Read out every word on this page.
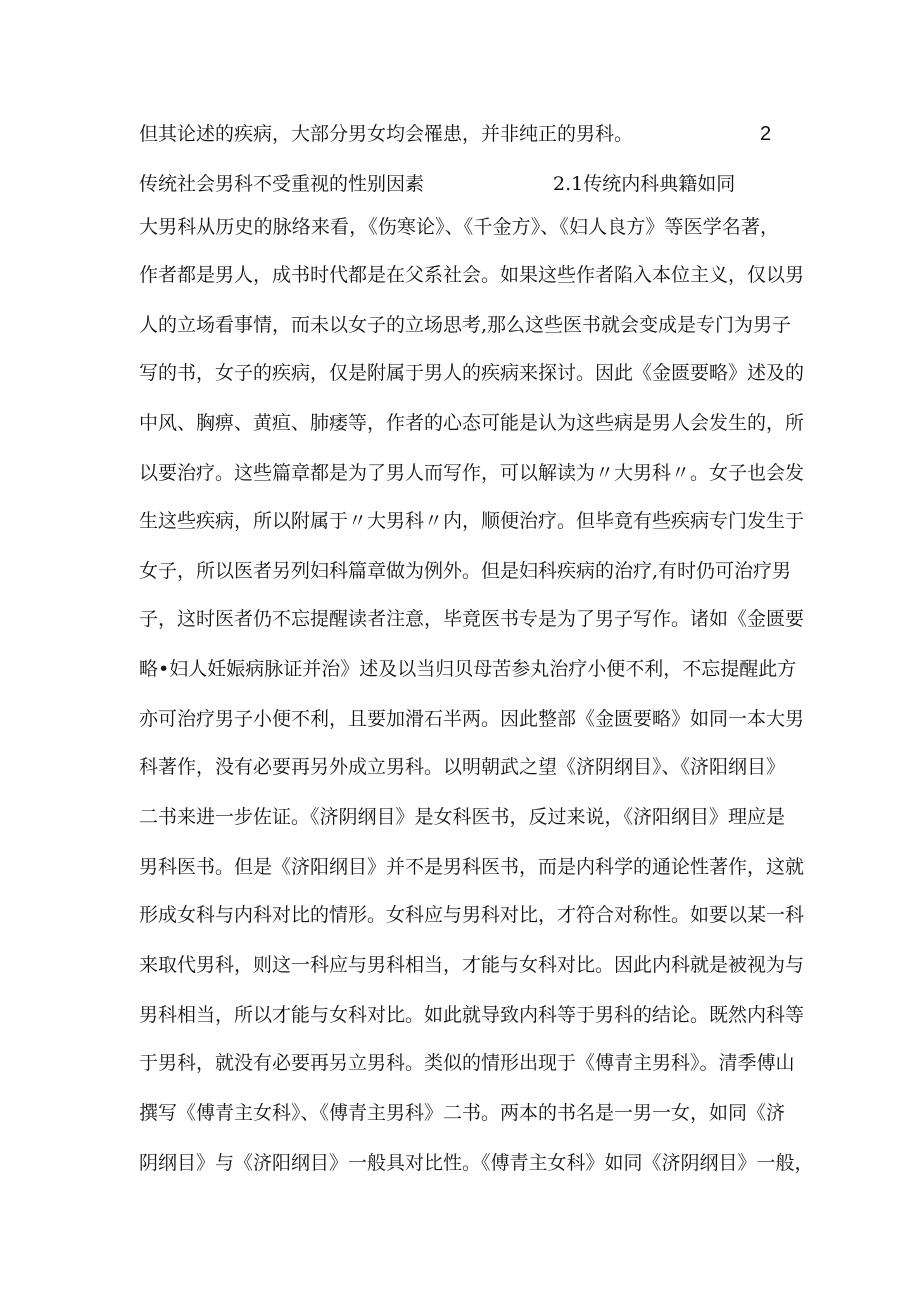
但其论述的疾病，大部分男女均会罹患，并非纯正的男科。	2
传统社会男科不受重视的性别因素	2.1传统内科典籍如同
大男科从历史的脉络来看，《伤寒论》、《千金方》、《妇人良方》等医学名著，
作者都是男人，成书时代都是在父系社会。如果这些作者陷入本位主义，仅以男
人的立场看事情，而未以女子的立场思考,那么这些医书就会变成是专门为男子
写的书，女子的疾病，仅是附属于男人的疾病来探讨。因此《金匮要略》述及的
中风、胸痹、黄疸、肺痿等，作者的心态可能是认为这些病是男人会发生的，所
以要治疗。这些篇章都是为了男人而写作，可以解读为〃大男科〃。女子也会发
生这些疾病，所以附属于〃大男科〃内，顺便治疗。但毕竟有些疾病专门发生于
女子，所以医者另列妇科篇章做为例外。但是妇科疾病的治疗,有时仍可治疗男
子，这时医者仍不忘提醒读者注意，毕竟医书专是为了男子写作。诸如《金匮要
略•妇人妊娠病脉证并治》述及以当归贝母苦参丸治疗小便不利，不忘提醒此方
亦可治疗男子小便不利，且要加滑石半两。因此整部《金匮要略》如同一本大男
科著作，没有必要再另外成立男科。以明朝武之望《济阴纲目》、《济阳纲目》
二书来进一步佐证。《济阴纲目》是女科医书，反过来说，《济阳纲目》理应是
男科医书。但是《济阳纲目》并不是男科医书，而是内科学的通论性著作，这就
形成女科与内科对比的情形。女科应与男科对比，才符合对称性。如要以某一科
来取代男科，则这一科应与男科相当，才能与女科对比。因此内科就是被视为与
男科相当，所以才能与女科对比。如此就导致内科等于男科的结论。既然内科等
于男科，就没有必要再另立男科。类似的情形出现于《傅青主男科》。清季傅山
撰写《傅青主女科》、《傅青主男科》二书。两本的书名是一男一女，如同《济
阴纲目》与《济阳纲目》一般具对比性。《傅青主女科》如同《济阴纲目》一般，
